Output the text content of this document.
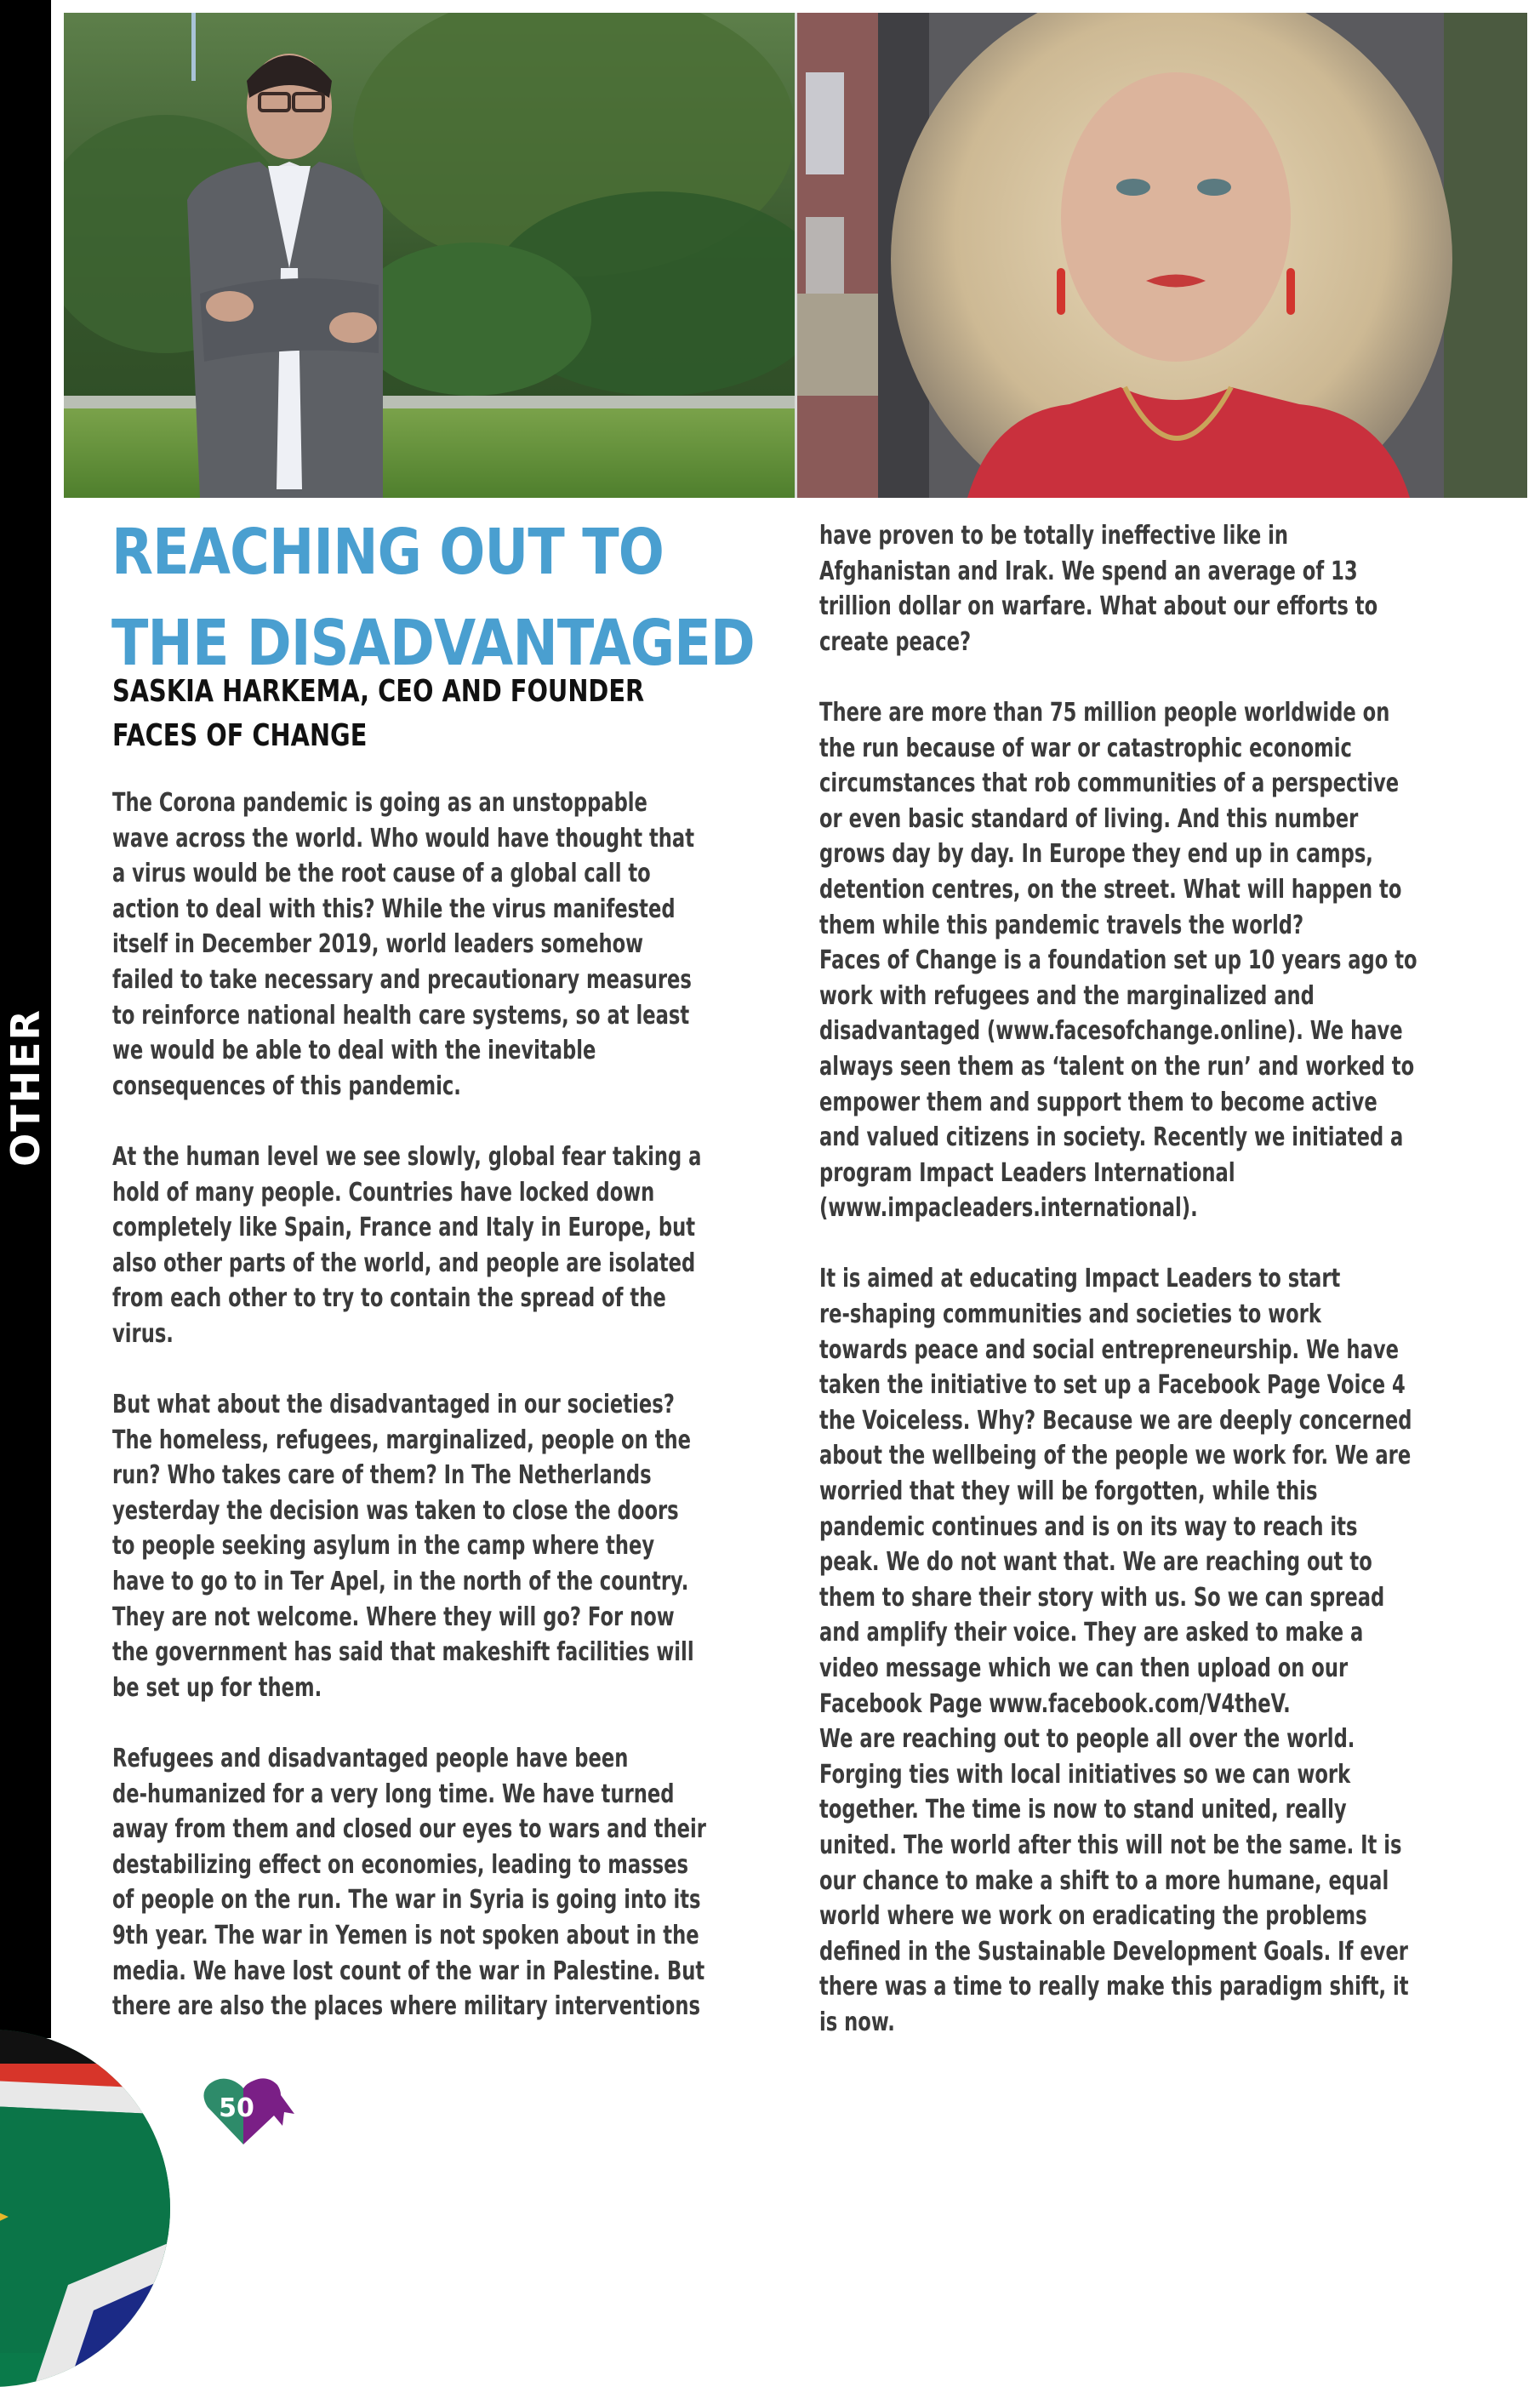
OTHER
REACHING OUT TO
THE DISADVANTAGED
SASKIA HARKEMA, CEO AND FOUNDER
FACES OF CHANGE

The Corona pandemic is going as an unstoppable
wave across the world. Who would have thought that
a virus would be the root cause of a global call to
action to deal with this? While the virus manifested
itself in December 2019, world leaders somehow
failed to take necessary and precautionary measures
to reinforce national health care systems, so at least
we would be able to deal with the inevitable
consequences of this pandemic.

At the human level we see slowly, global fear taking a
hold of many people. Countries have locked down
completely like Spain, France and Italy in Europe, but
also other parts of the world, and people are isolated
from each other to try to contain the spread of the
virus.

But what about the disadvantaged in our societies?
The homeless, refugees, marginalized, people on the
run? Who takes care of them? In The Netherlands
yesterday the decision was taken to close the doors
to people seeking asylum in the camp where they
have to go to in Ter Apel, in the north of the country.
They are not welcome. Where they will go? For now
the government has said that makeshift facilities will
be set up for them.

Refugees and disadvantaged people have been
de-humanized for a very long time. We have turned
away from them and closed our eyes to wars and their
destabilizing effect on economies, leading to masses
of people on the run. The war in Syria is going into its
9th year. The war in Yemen is not spoken about in the
media. We have lost count of the war in Palestine. But
there are also the places where military interventions

have proven to be totally ineffective like in
Afghanistan and Irak. We spend an average of 13
trillion dollar on warfare. What about our efforts to
create peace?

There are more than 75 million people worldwide on
the run because of war or catastrophic economic
circumstances that rob communities of a perspective
or even basic standard of living. And this number
grows day by day. In Europe they end up in camps,
detention centres, on the street. What will happen to
them while this pandemic travels the world?
Faces of Change is a foundation set up 10 years ago to
work with refugees and the marginalized and
disadvantaged (www.facesofchange.online). We have
always seen them as ‘talent on the run’ and worked to
empower them and support them to become active
and valued citizens in society. Recently we initiated a
program Impact Leaders International
(www.impacleaders.international).

It is aimed at educating Impact Leaders to start
re-shaping communities and societies to work
towards peace and social entrepreneurship. We have
taken the initiative to set up a Facebook Page Voice 4
the Voiceless. Why? Because we are deeply concerned
about the wellbeing of the people we work for. We are
worried that they will be forgotten, while this
pandemic continues and is on its way to reach its
peak. We do not want that. We are reaching out to
them to share their story with us. So we can spread
and amplify their voice. They are asked to make a
video message which we can then upload on our
Facebook Page www.facebook.com/V4theV.
We are reaching out to people all over the world.
Forging ties with local initiatives so we can work
together. The time is now to stand united, really
united. The world after this will not be the same. It is
our chance to make a shift to a more humane, equal
world where we work on eradicating the problems
defined in the Sustainable Development Goals. If ever
there was a time to really make this paradigm shift, it
is now.

50
